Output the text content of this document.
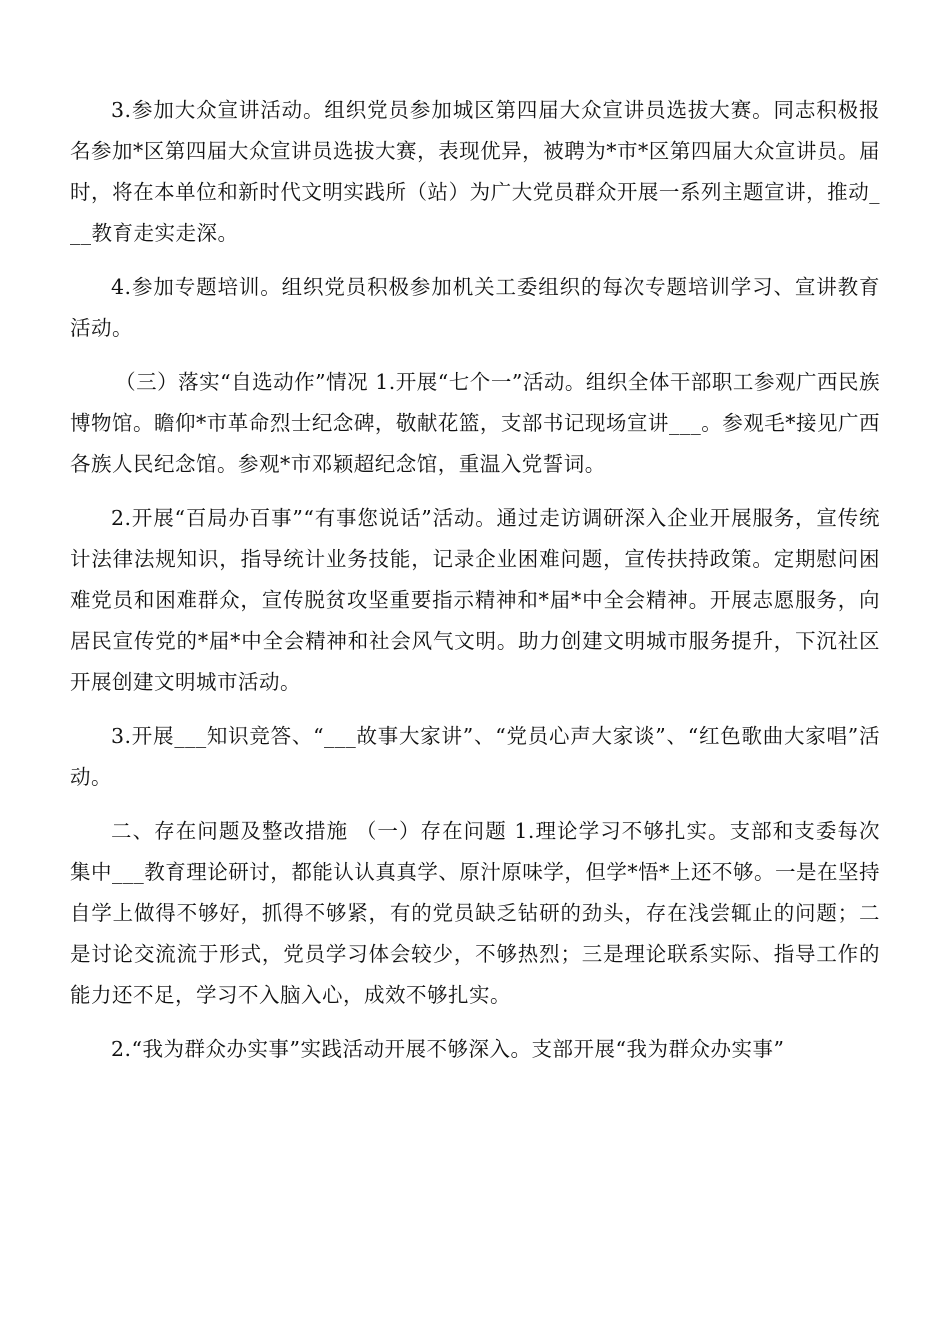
3.参加大众宣讲活动。组织党员参加城区第四届大众宣讲员选拔大赛。同志积极报名参加*区第四届大众宣讲员选拔大赛，表现优异，被聘为*市*区第四届大众宣讲员。届时，将在本单位和新时代文明实践所（站）为广大党员群众开展一系列主题宣讲，推动___教育走实走深。

4.参加专题培训。组织党员积极参加机关工委组织的每次专题培训学习、宣讲教育活动。

（三）落实“自选动作”情况 1.开展“七个一”活动。组织全体干部职工参观广西民族博物馆。瞻仰*市革命烈士纪念碑，敬献花篮，支部书记现场宣讲___。参观毛*接见广西各族人民纪念馆。参观*市邓颖超纪念馆，重温入党誓词。

2.开展“百局办百事”“有事您说话”活动。通过走访调研深入企业开展服务，宣传统计法律法规知识，指导统计业务技能，记录企业困难问题，宣传扶持政策。定期慰问困难党员和困难群众，宣传脱贫攻坚重要指示精神和*届*中全会精神。开展志愿服务，向居民宣传党的*届*中全会精神和社会风气文明。助力创建文明城市服务提升，下沉社区开展创建文明城市活动。

3.开展___知识竞答、“___故事大家讲”、“党员心声大家谈”、“红色歌曲大家唱”活动。

二、存在问题及整改措施 （一）存在问题 1.理论学习不够扎实。支部和支委每次集中___教育理论研讨，都能认认真真学、原汁原味学，但学*悟*上还不够。一是在坚持自学上做得不够好，抓得不够紧，有的党员缺乏钻研的劲头，存在浅尝辄止的问题；二是讨论交流流于形式，党员学习体会较少，不够热烈；三是理论联系实际、指导工作的能力还不足，学习不入脑入心，成效不够扎实。

2.“我为群众办实事”实践活动开展不够深入。支部开展“我为群众办实事”
